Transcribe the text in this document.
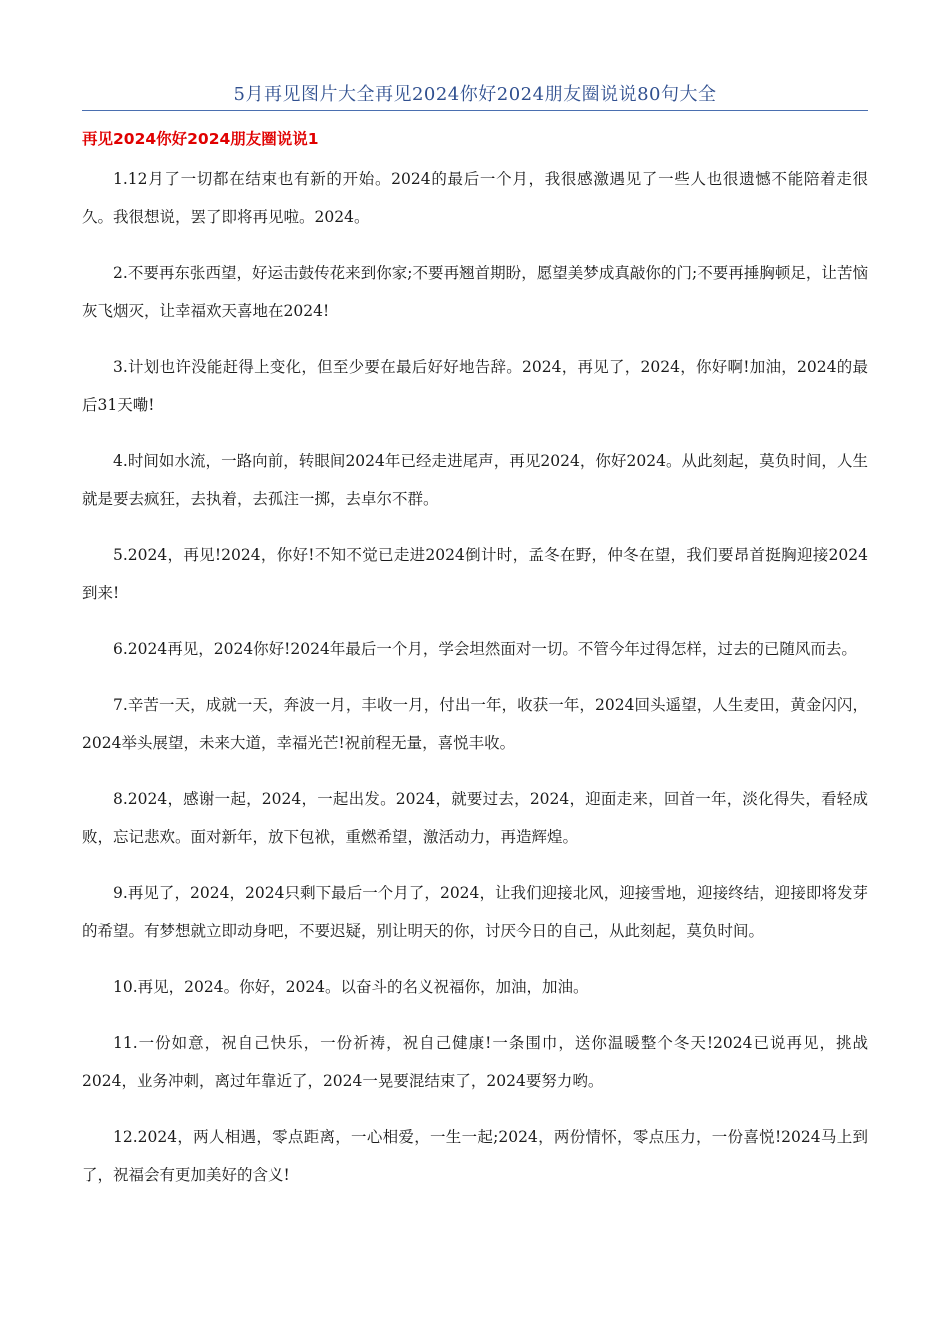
5月再见图片大全再见2024你好2024朋友圈说说80句大全
再见2024你好2024朋友圈说说1
1.12月了一切都在结束也有新的开始。2024的最后一个月，我很感激遇见了一些人也很遗憾不能陪着走很久。我很想说，罢了即将再见啦。2024。
2.不要再东张西望，好运击鼓传花来到你家;不要再翘首期盼，愿望美梦成真敲你的门;不要再捶胸顿足，让苦恼灰飞烟灭，让幸福欢天喜地在2024!
3.计划也许没能赶得上变化，但至少要在最后好好地告辞。2024，再见了，2024，你好啊!加油，2024的最后31天嘞!
4.时间如水流，一路向前，转眼间2024年已经走进尾声，再见2024，你好2024。从此刻起，莫负时间，人生就是要去疯狂，去执着，去孤注一掷，去卓尔不群。
5.2024，再见!2024，你好!不知不觉已走进2024倒计时，孟冬在野，仲冬在望，我们要昂首挺胸迎接2024到来!
6.2024再见，2024你好!2024年最后一个月，学会坦然面对一切。不管今年过得怎样，过去的已随风而去。
7.辛苦一天，成就一天，奔波一月，丰收一月，付出一年，收获一年，2024回头遥望，人生麦田，黄金闪闪，2024举头展望，未来大道，幸福光芒!祝前程无量，喜悦丰收。
8.2024，感谢一起，2024，一起出发。2024，就要过去，2024，迎面走来，回首一年，淡化得失，看轻成败，忘记悲欢。面对新年，放下包袱，重燃希望，激活动力，再造辉煌。
9.再见了，2024，2024只剩下最后一个月了，2024，让我们迎接北风，迎接雪地，迎接终结，迎接即将发芽的希望。有梦想就立即动身吧，不要迟疑，别让明天的你，讨厌今日的自己，从此刻起，莫负时间。
10.再见，2024。你好，2024。以奋斗的名义祝福你，加油，加油。
11.一份如意，祝自己快乐，一份祈祷，祝自己健康!一条围巾，送你温暖整个冬天!2024已说再见，挑战2024，业务冲刺，离过年靠近了，2024一晃要混结束了，2024要努力哟。
12.2024，两人相遇，零点距离，一心相爱，一生一起;2024，两份情怀，零点压力，一份喜悦!2024马上到了，祝福会有更加美好的含义!
